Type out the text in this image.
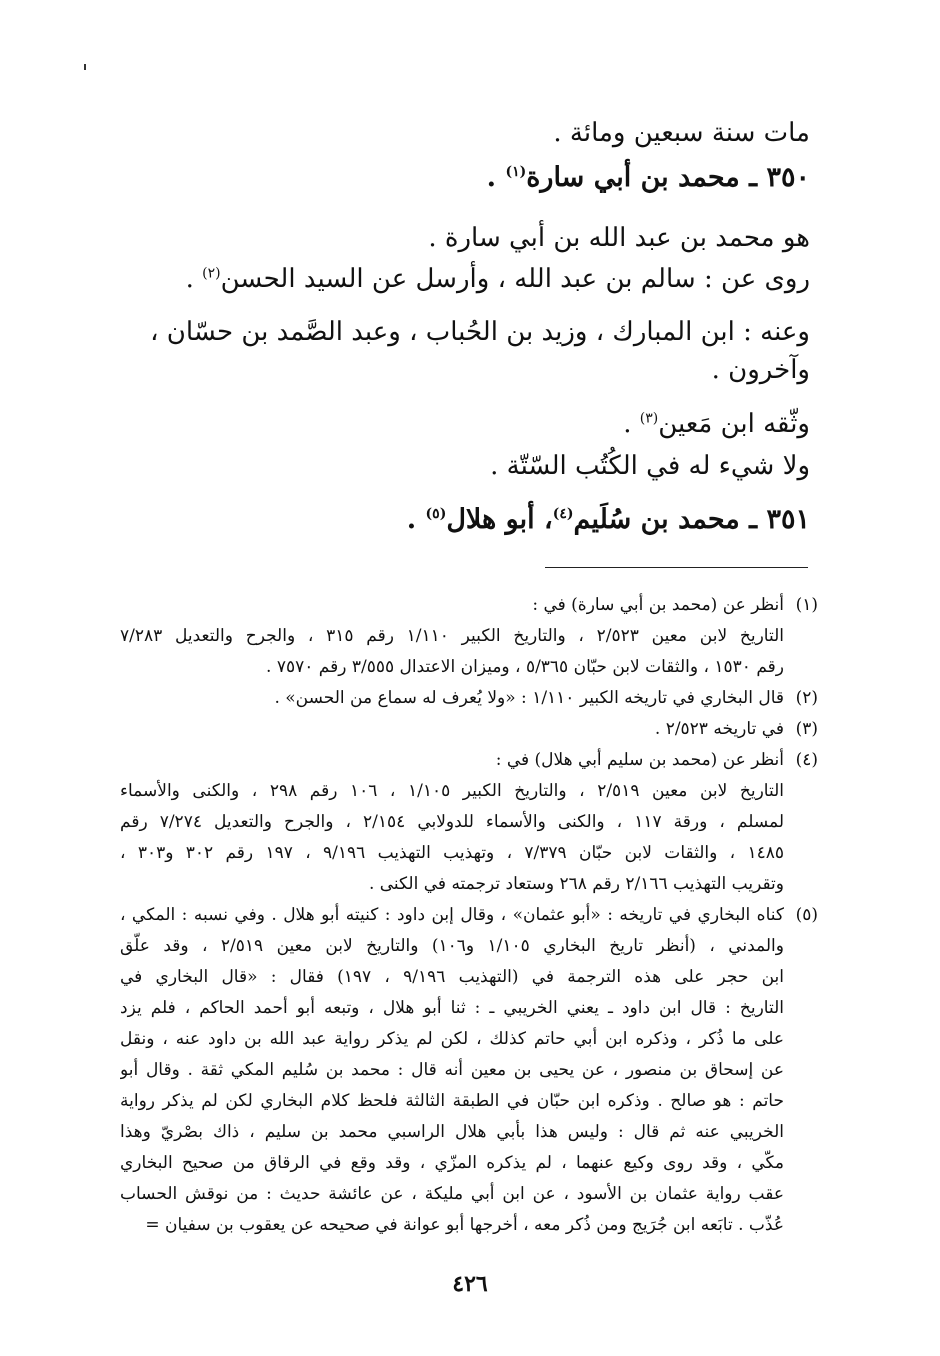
مات سنة سبعين ومائة .
٣٥٠ ـ محمد بن أبي سارة$^{(١)}$ .
هو محمد بن عبد الله بن أبي سارة .
روى عن : سالم بن عبد الله ، وأرسل عن السيد الحسن$^{(٢)}$ .
وعنه : ابن المبارك ، وزيد بن الحُباب ، وعبد الصَّمد بن حسّان ،
وآخرون .
وثّقه ابن مَعين$^{(٣)}$ .
ولا شيء له في الكُتُب السّتّة .
٣٥١ ـ محمد بن سُلَيم$^{(٤)}$، أبو هلال$^{(٥)}$ .
(١)
أنظر عن (محمد بن أبي سارة) في :
التاريخ لابن معين ٢/٥٢٣ ، والتاريخ الكبير ١/١١٠ رقم ٣١٥ ، والجرح والتعديل ٧/٢٨٣
رقم ١٥٣٠ ، والثقات لابن حبّان ٥/٣٦٥ ، وميزان الاعتدال ٣/٥٥٥ رقم ٧٥٧٠ .
(٢)
قال البخاري في تاريخه الكبير ١/١١٠ : «ولا يُعرف له سماع من الحسن» .
(٣)
في تاريخه ٢/٥٢٣ .
(٤)
أنظر عن (محمد بن سليم أبي هلال) في :
التاريخ لابن معين ٢/٥١٩ ، والتاريخ الكبير ١/١٠٥ ، ١٠٦ رقم ٢٩٨ ، والكنى والأسماء
لمسلم ، ورقة ١١٧ ، والكنى والأسماء للدولابي ٢/١٥٤ ، والجرح والتعديل ٧/٢٧٤ رقم
١٤٨٥ ، والثقات لابن حبّان ٧/٣٧٩ ، وتهذيب التهذيب ٩/١٩٦ ، ١٩٧ رقم ٣٠٢ و٣٠٣ ،
وتقريب التهذيب ٢/١٦٦ رقم ٢٦٨ وستعاد ترجمته في الكنى .
(٥)
كناه البخاري في تاريخه : «أبو عثمان» ، وقال إبن داود : كنيته أبو هلال . وفي نسبه : المكي ،
والمدني ، (أنظر تاريخ البخاري ١/١٠٥ و١٠٦) والتاريخ لابن معين ٢/٥١٩ ، وقد علّق
ابن حجر على هذه الترجمة في (التهذيب ٩/١٩٦ ، ١٩٧) فقال : «قال البخاري في
التاريخ : قال ابن داود ـ يعني الخريبي ـ : ثنا أبو هلال ، وتبعه أبو أحمد الحاكم ، فلم يزد
على ما ذُكر ، وذكره ابن أبي حاتم كذلك ، لكن لم يذكر رواية عبد الله بن داود عنه ، ونقل
عن إسحاق بن منصور ، عن يحيى بن معين أنه قال : محمد بن سُليم المكي ثقة . وقال أبو
حاتم : هو صالح . وذكره ابن حبّان في الطبقة الثالثة فلحظ كلام البخاري لكن لم يذكر رواية
الخريبي عنه ثم قال : وليس هذا بأبي هلال الراسبي محمد بن سليم ، ذاك بصْريّ وهذا
مكّي ، وقد روى وكيع عنهما ، لم يذكره المزّي ، وقد وقع في الرقاق من صحيح البخاري
عقب رواية عثمان بن الأسود ، عن ابن أبي مليكة ، عن عائشة حديث : من نوقش الحساب
عُذّب . تابَعه ابن جُرَيج ومن ذُكر معه ، أخرجها أبو عوانة في صحيحه عن يعقوب بن سفيان =
٤٢٦
